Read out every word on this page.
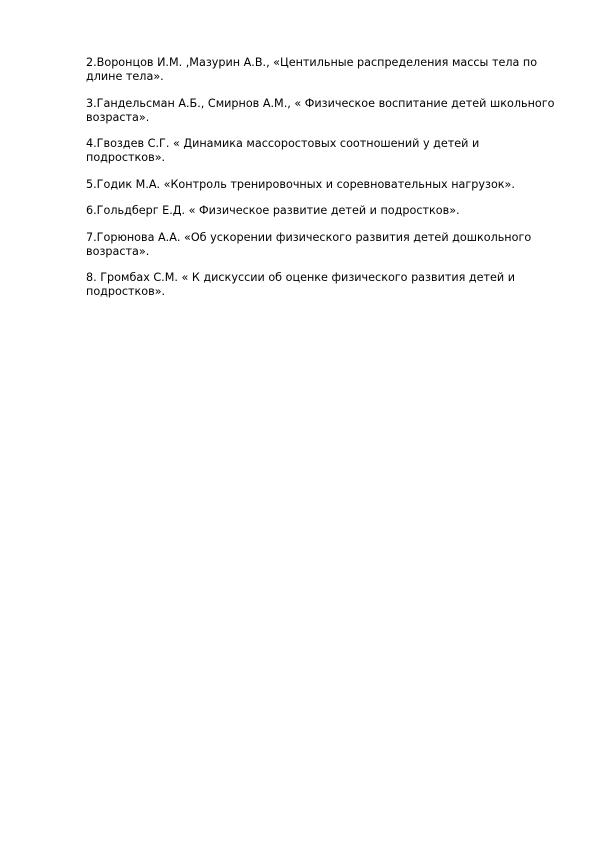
2.Воронцов И.М. ,Мазурин А.В., «Центильные распределения массы тела по длине тела».

3.Гандельсман А.Б., Смирнов А.М., « Физическое воспитание детей школьного возраста».

4.Гвоздев С.Г. « Динамика массоростовых соотношений у детей и подростков».

5.Годик М.А. «Контроль тренировочных и соревновательных нагрузок».

6.Гольдберг Е.Д. « Физическое развитие детей и подростков».

7.Горюнова А.А. «Об ускорении физического развития детей дошкольного возраста».

8. Громбах С.М. « К дискуссии об оценке физического развития детей и подростков».
